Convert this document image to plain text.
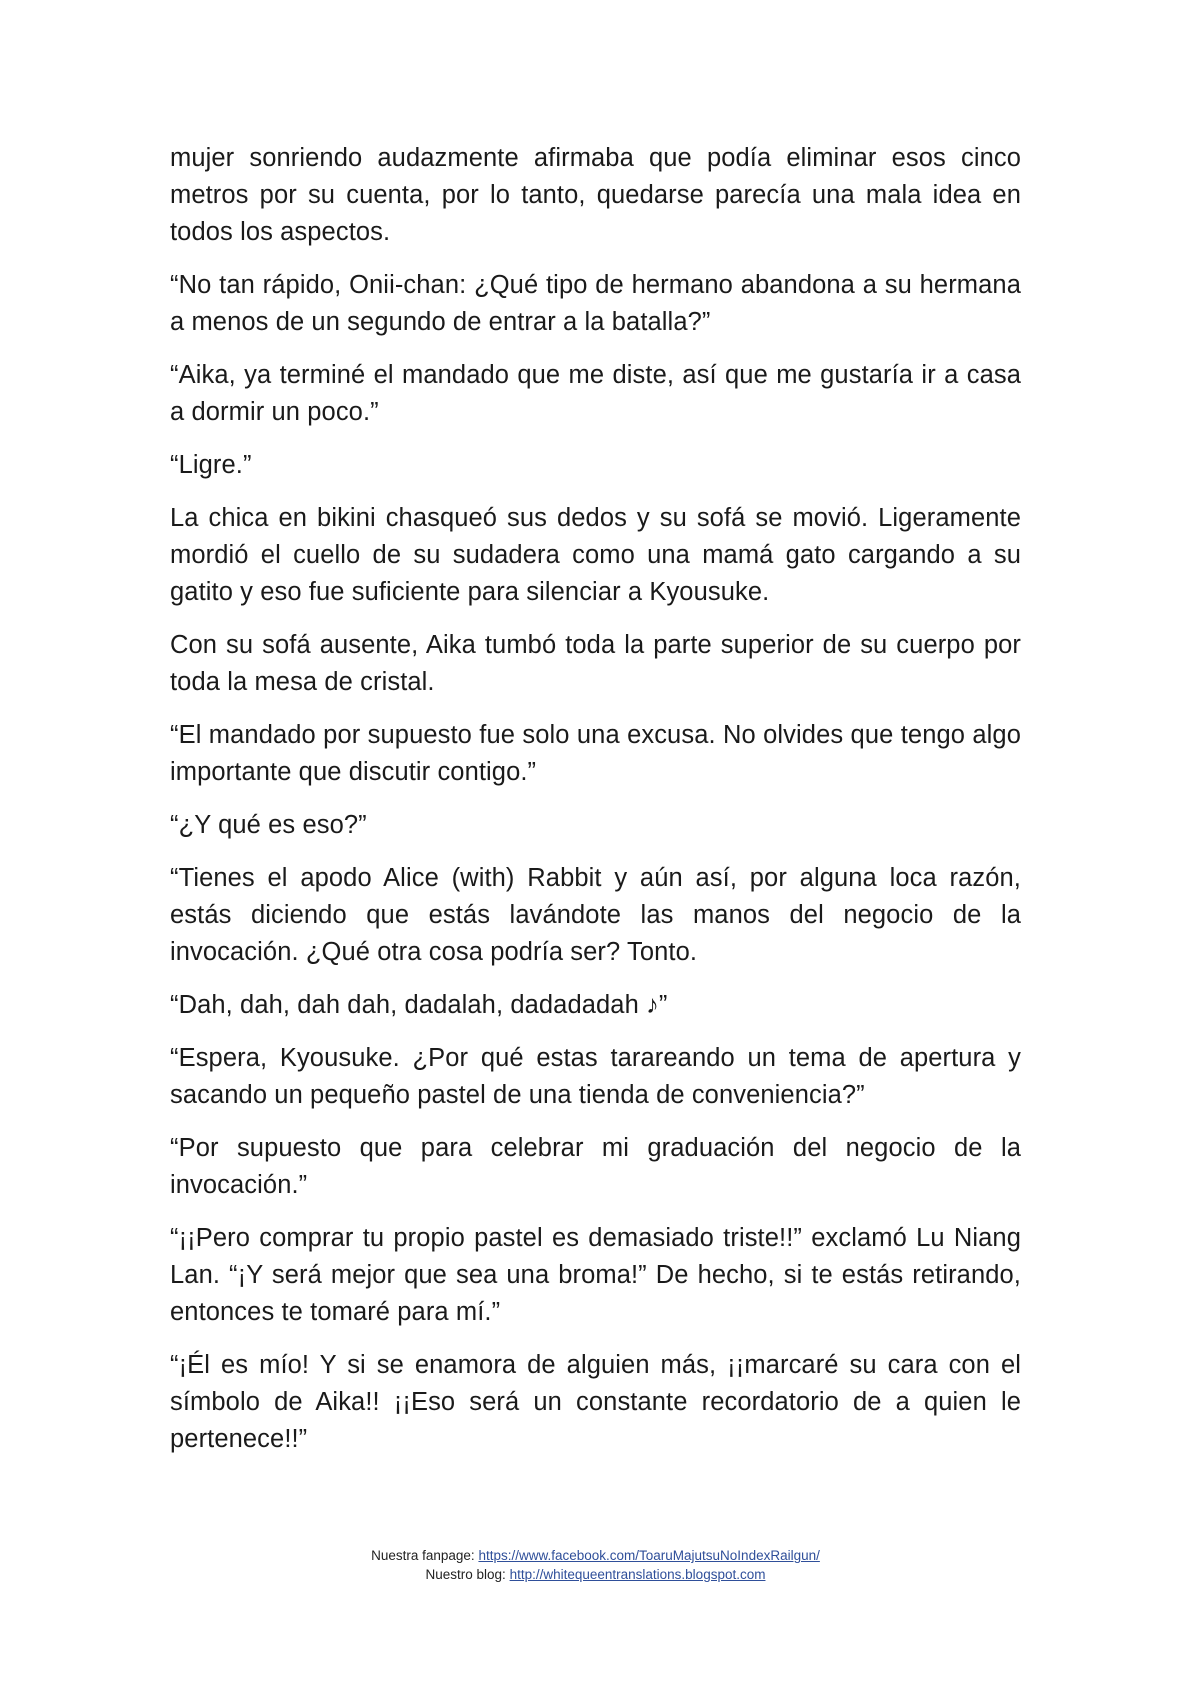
mujer sonriendo audazmente afirmaba que podía eliminar esos cinco metros por su cuenta, por lo tanto, quedarse parecía una mala idea en todos los aspectos.

“No tan rápido, Onii-chan: ¿Qué tipo de hermano abandona a su hermana a menos de un segundo de entrar a la batalla?”

“Aika, ya terminé el mandado que me diste, así que me gustaría ir a casa a dormir un poco.”

“Ligre.”

La chica en bikini chasqueó sus dedos y su sofá se movió. Ligeramente mordió el cuello de su sudadera como una mamá gato cargando a su gatito y eso fue suficiente para silenciar a Kyousuke.

Con su sofá ausente, Aika tumbó toda la parte superior de su cuerpo por toda la mesa de cristal.

“El mandado por supuesto fue solo una excusa. No olvides que tengo algo importante que discutir contigo.”

“¿Y qué es eso?”

“Tienes el apodo Alice (with) Rabbit y aún así, por alguna loca razón, estás diciendo que estás lavándote las manos del negocio de la invocación. ¿Qué otra cosa podría ser? Tonto.

“Dah, dah, dah dah, dadalah, dadadadah ♪”

“Espera, Kyousuke. ¿Por qué estas tarareando un tema de apertura y sacando un pequeño pastel de una tienda de conveniencia?”

“Por supuesto que para celebrar mi graduación del negocio de la invocación.”

“¡¡Pero comprar tu propio pastel es demasiado triste!!” exclamó Lu Niang Lan. “¡Y será mejor que sea una broma!” De hecho, si te estás retirando, entonces te tomaré para mí.”

“¡Él es mío! Y si se enamora de alguien más, ¡¡marcaré su cara con el símbolo de Aika!! ¡¡Eso será un constante recordatorio de a quien le pertenece!!”

Nuestra fanpage: https://www.facebook.com/ToaruMajutsuNoIndexRailgun/
Nuestro blog: http://whitequeentranslations.blogspot.com
